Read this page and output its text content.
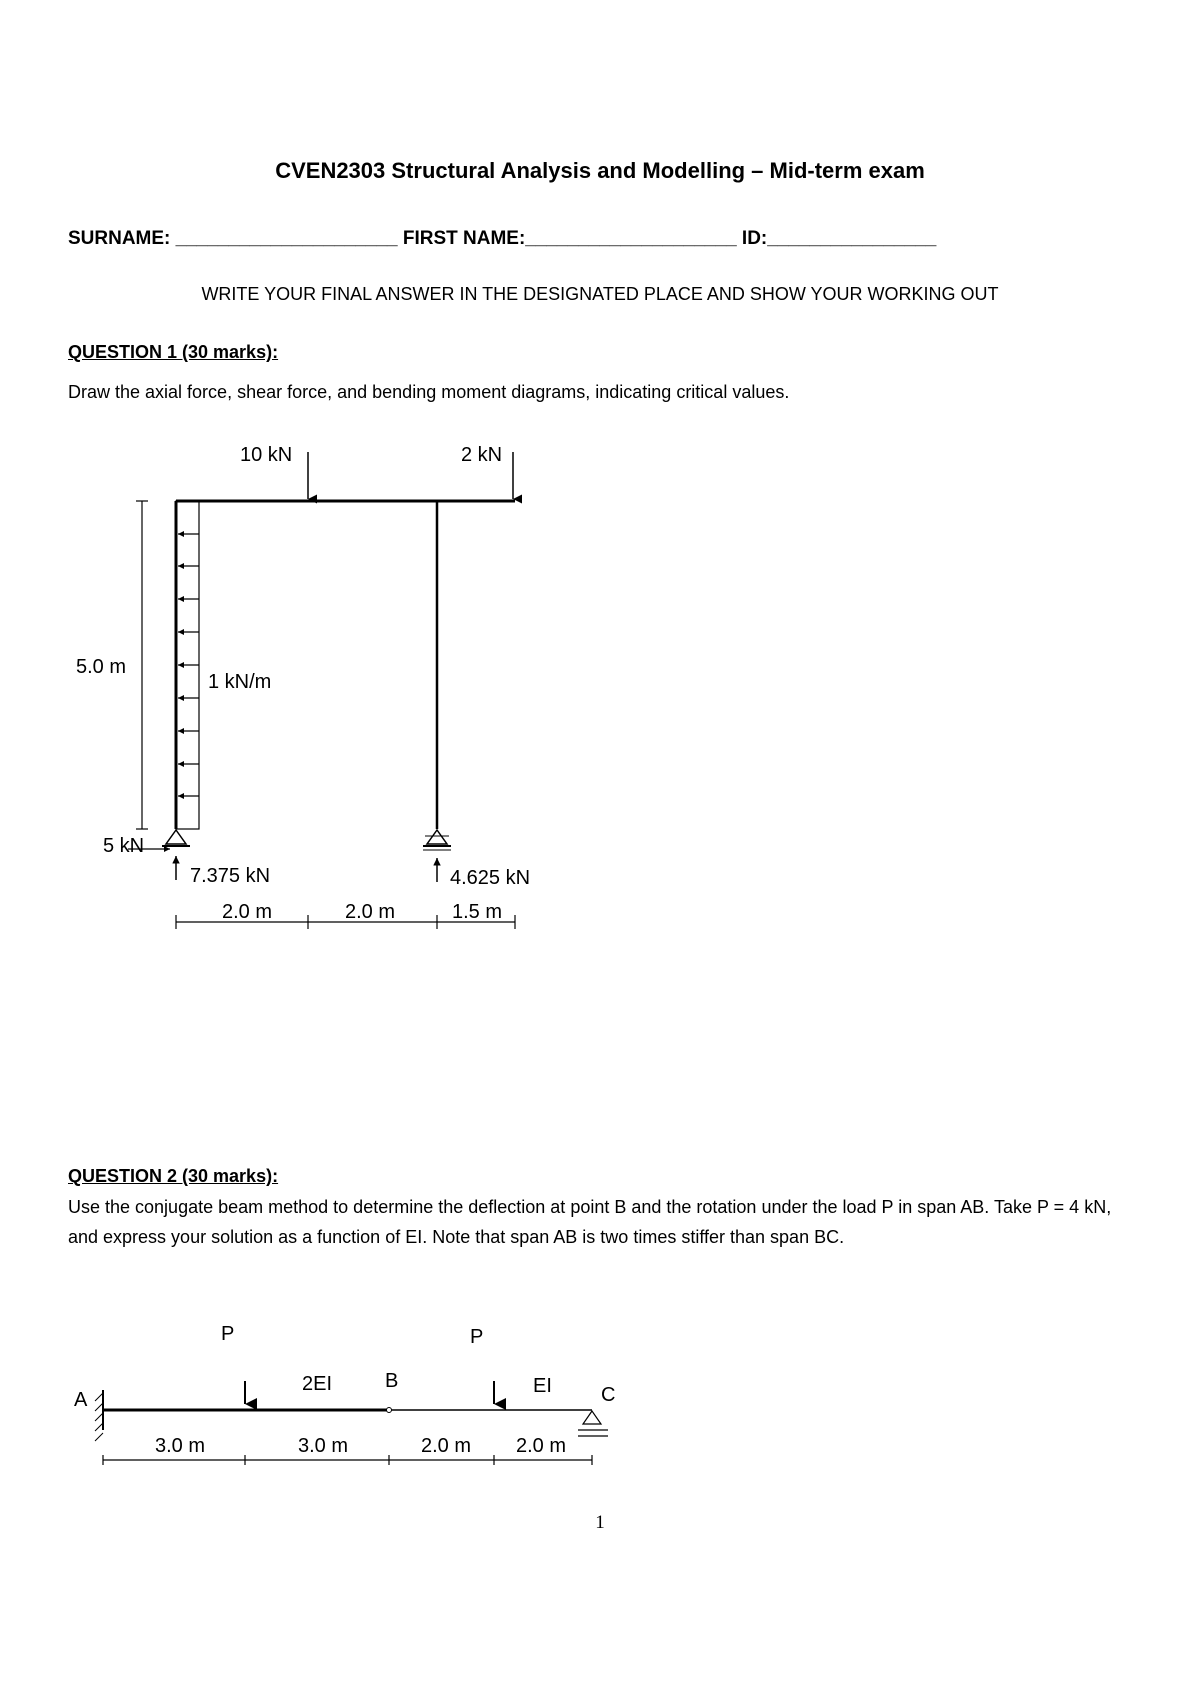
CVEN2303 Structural Analysis and Modelling – Mid-term exam
SURNAME: _____________________ FIRST NAME:____________________ ID:________________
WRITE YOUR FINAL ANSWER IN THE DESIGNATED PLACE AND SHOW YOUR WORKING OUT
QUESTION 1 (30 marks):
Draw the axial force, shear force, and bending moment diagrams, indicating critical values.
10 kN	2 kN
5.0 m
1 kN/m
5 kN
7.375 kN	4.625 kN
2.0 m	2.0 m	1.5 m
P	P
A
2EI	B	EI C
3.0 m	3.0 m	2.0 m 2.0 m
QUESTION 2 (30 marks):
Use the conjugate beam method to determine the deflection at point B and the rotation under the load P in span AB. Take P = 4 kN, and express your solution as a function of EI. Note that span AB is two times stiffer than span BC.
1
